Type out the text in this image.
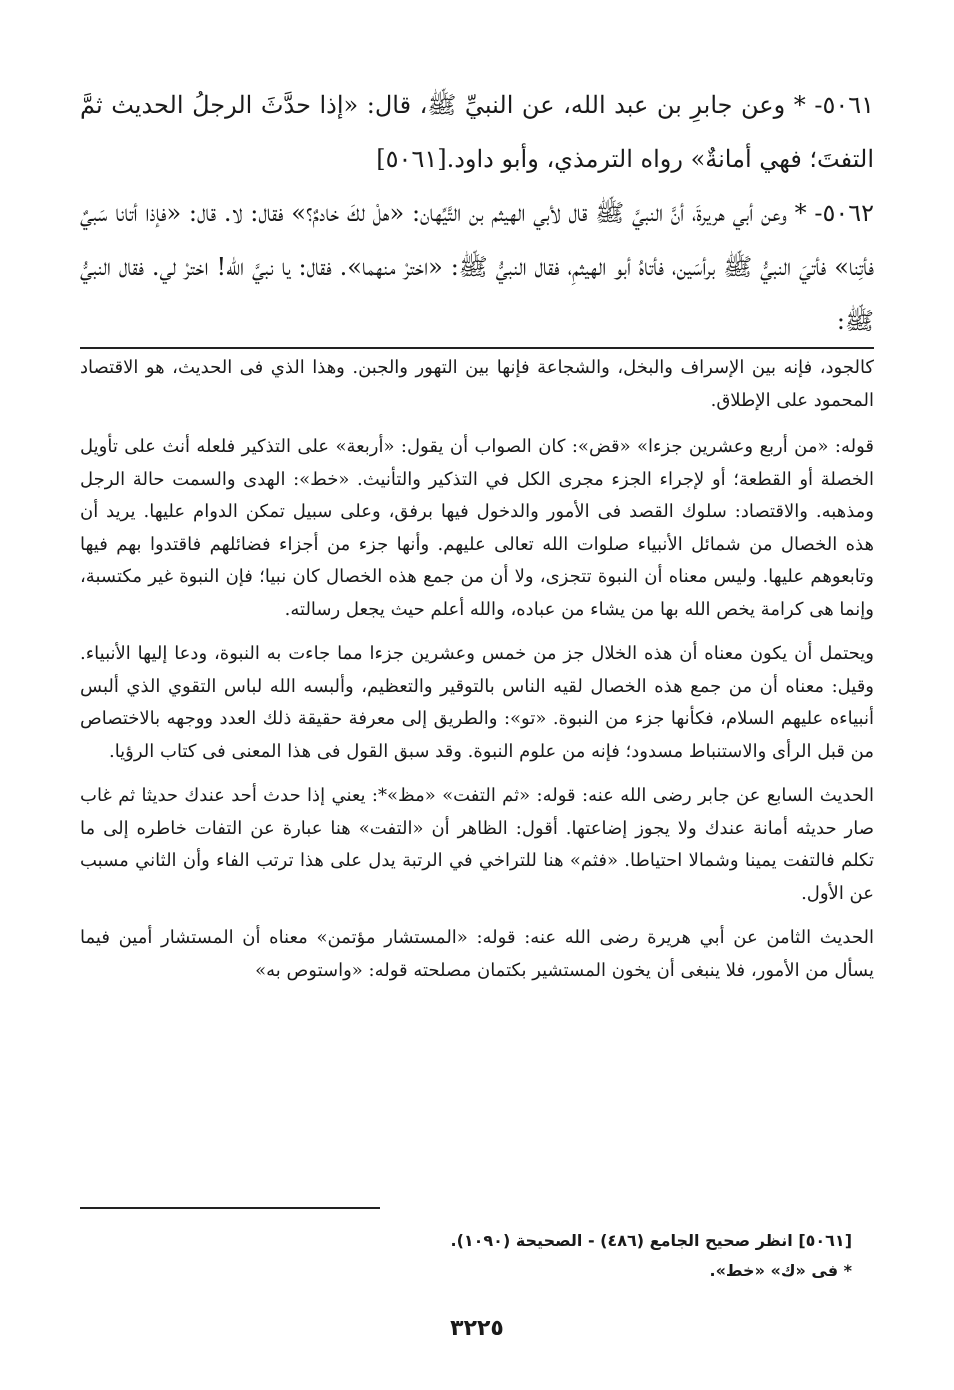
٥٠٦١- * وعن جابرِ بن عبد الله، عن النبيِّ ﷺ، قال: «إذا حدَّثَ الرجلُ الحديث ثمَّ التفتَ؛ فهي أمانةٌ» رواه الترمذي، وأبو داود.[٥٠٦١]

٥٠٦٢- * وعن أبي هريرةَ، أنَّ النبيَّ ﷺ قال لأبي الهيثم بن التَّيِّهان: «هلْ لكَ خادمٌ؟» فقال: لا. قال: «فإذا أتانا سَبيٌ فأتِنا» فأتيَ النبيُّ ﷺ برأسَين، فأتاهُ أبو الهيثمِ، فقال النبيُّ ﷺ: «اخترْ منهما». فقال: يا نبيَّ الله! اخترْ لي. فقال النبيُّ ﷺ:

كالجود، فإنه بين الإسراف والبخل، والشجاعة فإنها بين التهور والجبن. وهذا الذي فى الحديث، هو الاقتصاد المحمود على الإطلاق.

قوله: «من أربع وعشرين جزءا» «قض»: كان الصواب أن يقول: «أربعة» على التذكير فلعله أنث على تأويل الخصلة أو القطعة؛ أو لإجراء الجزء مجرى الكل في التذكير والتأنيث. «خط»: الهدى والسمت حالة الرجل ومذهبه. والاقتصاد: سلوك القصد فى الأمور والدخول فيها برفق، وعلى سبيل تمكن الدوام عليها. يريد أن هذه الخصال من شمائل الأنبياء صلوات الله تعالى عليهم. وأنها جزء من أجزاء فضائلهم فاقتدوا بهم فيها وتابعوهم عليها. وليس معناه أن النبوة تتجزى، ولا أن من جمع هذه الخصال كان نبيا؛ فإن النبوة غير مكتسبة، وإنما هى كرامة يخص الله بها من يشاء من عباده، والله أعلم حيث يجعل رسالته.

ويحتمل أن يكون معناه أن هذه الخلال جز من خمس وعشرين جزءا مما جاءت به النبوة، ودعا إليها الأنبياء. وقيل: معناه أن من جمع هذه الخصال لقيه الناس بالتوقير والتعظيم، وألبسه الله لباس التقوي الذي ألبس أنبياءه عليهم السلام، فكأنها جزء من النبوة. «تو»: والطريق إلى معرفة حقيقة ذلك العدد ووجهه بالاختصاص من قبل الرأى والاستنباط مسدود؛ فإنه من علوم النبوة. وقد سبق القول فى هذا المعنى فى كتاب الرؤيا.

الحديث السابع عن جابر رضى الله عنه: قوله: «ثم التفت» «مظ»*: يعني إذا حدث أحد عندك حديثا ثم غاب صار حديثه أمانة عندك ولا يجوز إضاعتها. أقول: الظاهر أن «التفت» هنا عبارة عن التفات خاطره إلى ما تكلم فالتفت يمينا وشمالا احتياطا. «فثم» هنا للتراخي في الرتبة يدل على هذا ترتب الفاء وأن الثاني مسبب عن الأول.

الحديث الثامن عن أبي هريرة رضى الله عنه: قوله: «المستشار مؤتمن» معناه أن المستشار أمين فيما يسأل من الأمور، فلا ينبغى أن يخون المستشير بكتمان مصلحته قوله: «واستوص به»

[٥٠٦١] انظر صحيح الجامع (٤٨٦) - الصحيحة (١٠٩٠).

* فى «ك» «خط».

٣٢٢٥
